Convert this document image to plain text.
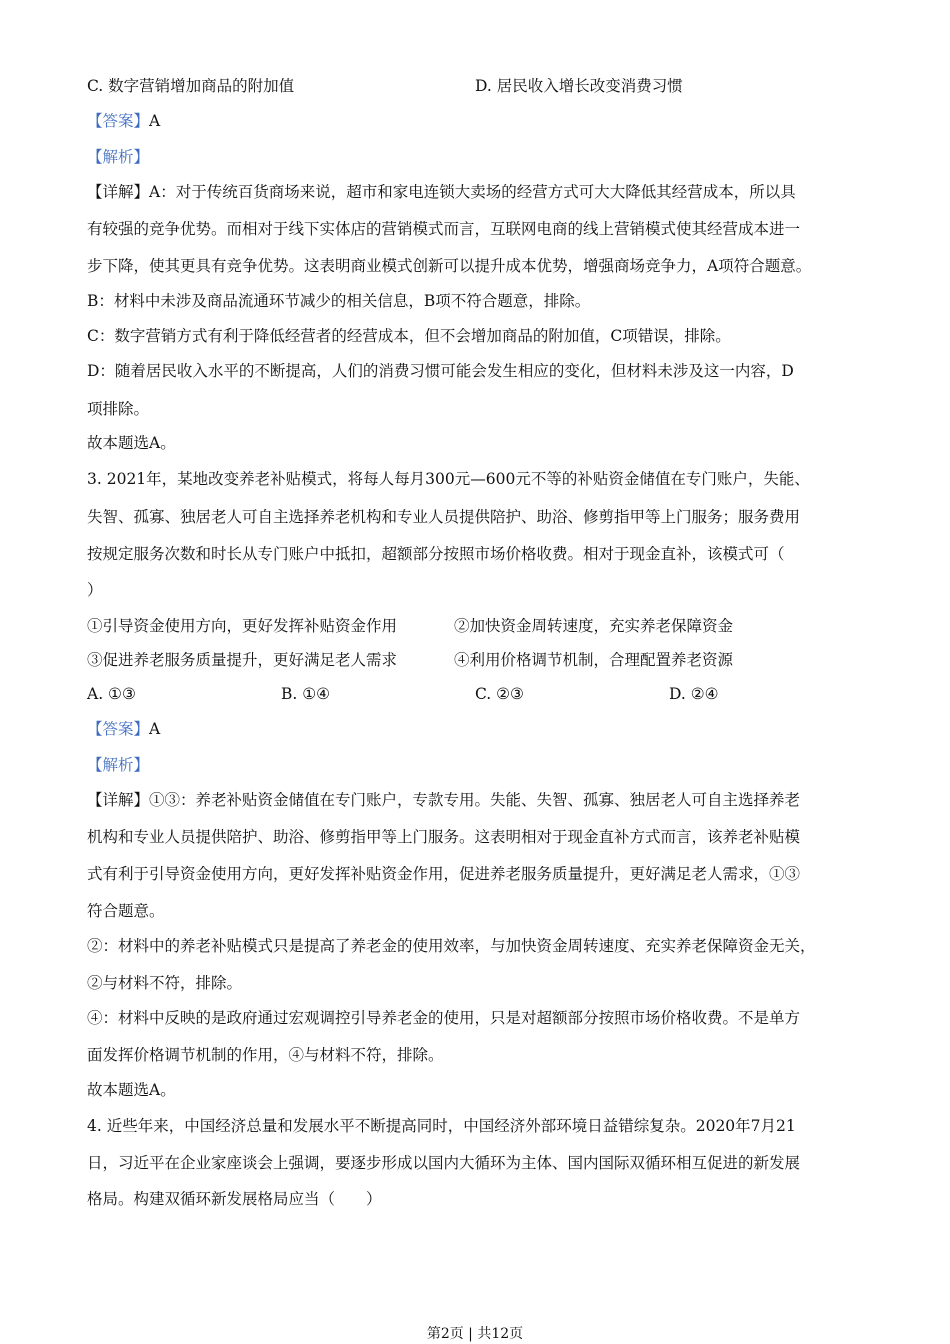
C. 数字营销增加商品的附加值	D. 居民收入增长改变消费习惯
【答案】A
【解析】
【详解】A：对于传统百货商场来说，超市和家电连锁大卖场的经营方式可大大降低其经营成本，所以具
有较强的竞争优势。而相对于线下实体店的营销模式而言，互联网电商的线上营销模式使其经营成本进一
步下降，使其更具有竞争优势。这表明商业模式创新可以提升成本优势，增强商场竞争力，A项符合题意。
B：材料中未涉及商品流通环节减少的相关信息，B项不符合题意，排除。
C：数字营销方式有利于降低经营者的经营成本，但不会增加商品的附加值，C项错误，排除。
D：随着居民收入水平的不断提高，人们的消费习惯可能会发生相应的变化，但材料未涉及这一内容，D
项排除。
故本题选A。
3. 2021年，某地改变养老补贴模式，将每人每月300元—600元不等的补贴资金储值在专门账户，失能、
失智、孤寡、独居老人可自主选择养老机构和专业人员提供陪护、助浴、修剪指甲等上门服务；服务费用
按规定服务次数和时长从专门账户中抵扣，超额部分按照市场价格收费。相对于现金直补，该模式可（
）
①引导资金使用方向，更好发挥补贴资金作用	②加快资金周转速度，充实养老保障资金
③促进养老服务质量提升，更好满足老人需求	④利用价格调节机制，合理配置养老资源
A. ①③	B. ①④	C. ②③	D. ②④
【答案】A
【解析】
【详解】①③：养老补贴资金储值在专门账户，专款专用。失能、失智、孤寡、独居老人可自主选择养老
机构和专业人员提供陪护、助浴、修剪指甲等上门服务。这表明相对于现金直补方式而言，该养老补贴模
式有利于引导资金使用方向，更好发挥补贴资金作用，促进养老服务质量提升，更好满足老人需求，①③
符合题意。
②：材料中的养老补贴模式只是提高了养老金的使用效率，与加快资金周转速度、充实养老保障资金无关，
②与材料不符，排除。
④：材料中反映的是政府通过宏观调控引导养老金的使用，只是对超额部分按照市场价格收费。不是单方
面发挥价格调节机制的作用，④与材料不符，排除。
故本题选A。
4. 近些年来，中国经济总量和发展水平不断提高同时，中国经济外部环境日益错综复杂。2020年7月21
日，习近平在企业家座谈会上强调，要逐步形成以国内大循环为主体、国内国际双循环相互促进的新发展
格局。构建双循环新发展格局应当（　　）
第2页 | 共12页
